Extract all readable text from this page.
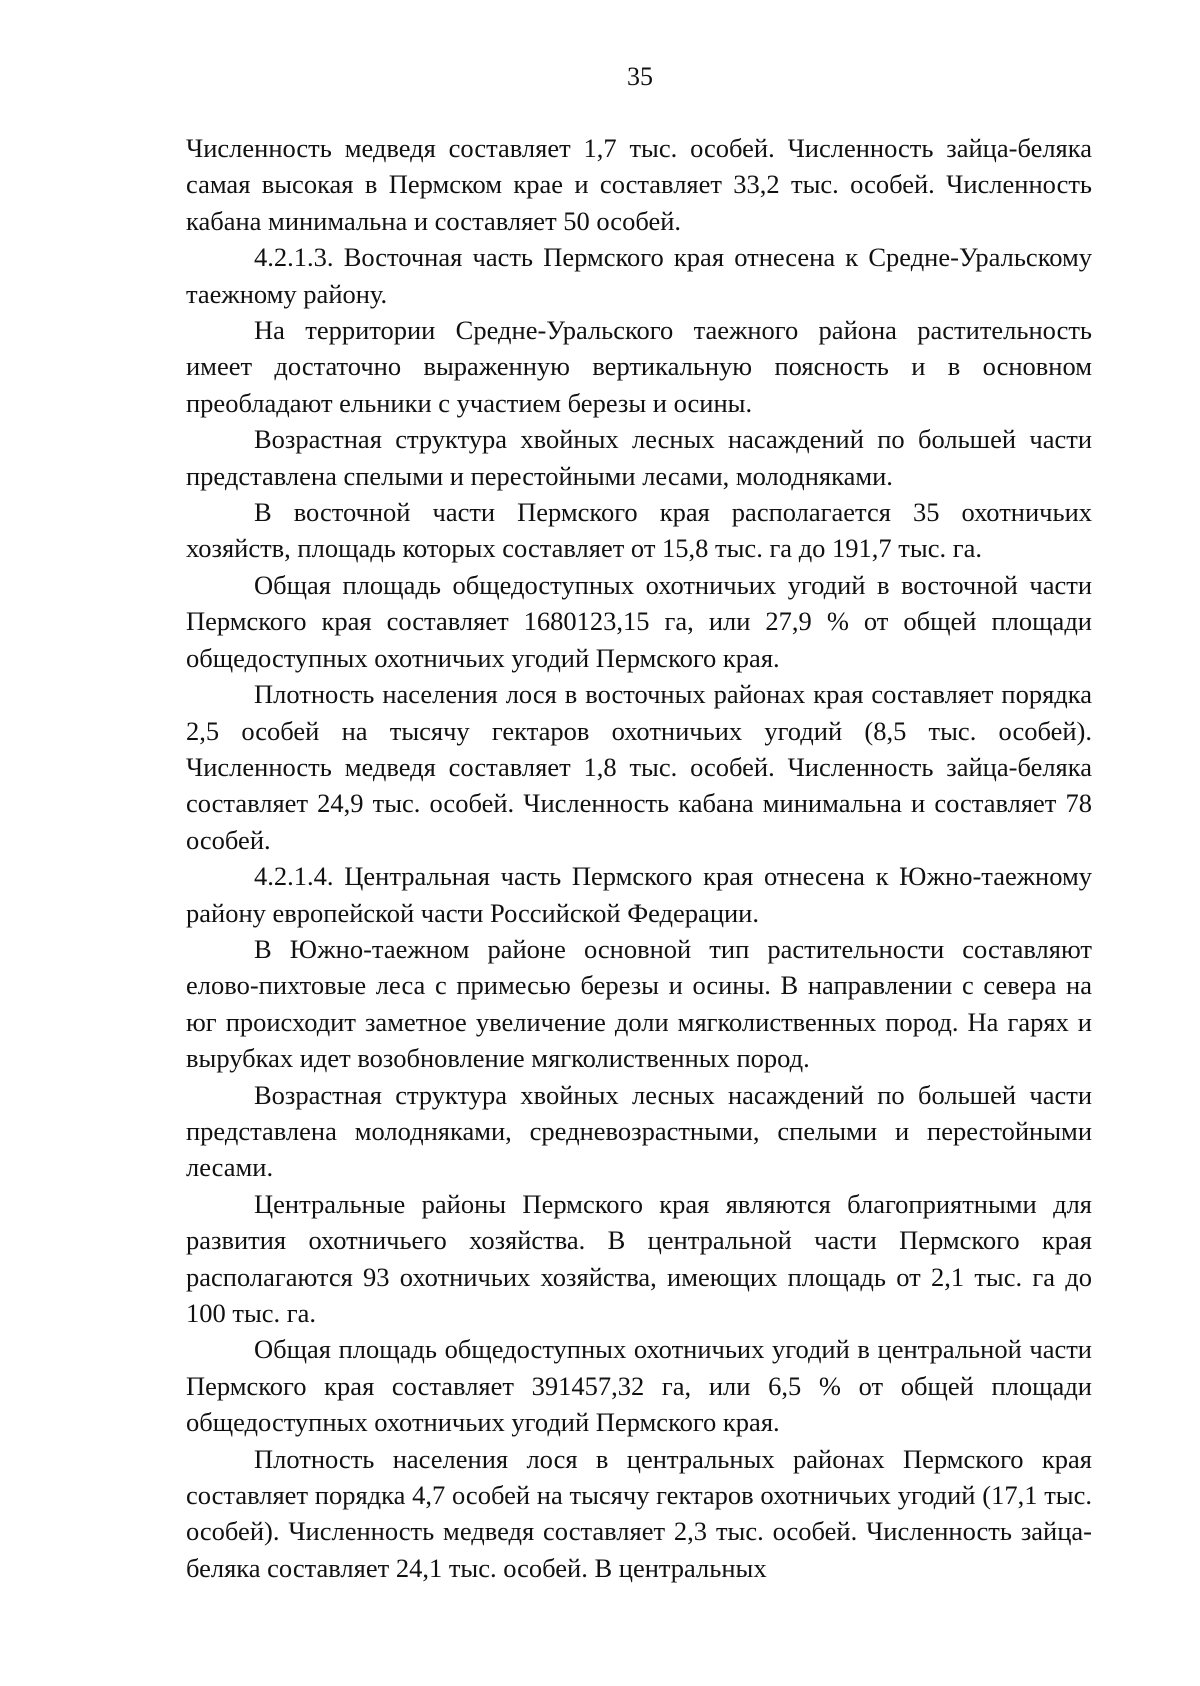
35

Численность медведя составляет 1,7 тыс. особей. Численность зайца-беляка самая высокая в Пермском крае и составляет 33,2 тыс. особей. Численность кабана минимальна и составляет 50 особей.

4.2.1.3. Восточная часть Пермского края отнесена к Средне-Уральскому таежному району.

На территории Средне-Уральского таежного района растительность имеет достаточно выраженную вертикальную поясность и в основном преобладают ельники с участием березы и осины.

Возрастная структура хвойных лесных насаждений по большей части представлена спелыми и перестойными лесами, молодняками.

В восточной части Пермского края располагается 35 охотничьих хозяйств, площадь которых составляет от 15,8 тыс. га до 191,7 тыс. га.

Общая площадь общедоступных охотничьих угодий в восточной части Пермского края составляет 1680123,15 га, или 27,9 % от общей площади общедоступных охотничьих угодий Пермского края.

Плотность населения лося в восточных районах края составляет порядка 2,5 особей на тысячу гектаров охотничьих угодий (8,5 тыс. особей). Численность медведя составляет 1,8 тыс. особей. Численность зайца-беляка составляет 24,9 тыс. особей. Численность кабана минимальна и составляет 78 особей.

4.2.1.4. Центральная часть Пермского края отнесена к Южно-таежному району европейской части Российской Федерации.

В Южно-таежном районе основной тип растительности составляют елово-пихтовые леса с примесью березы и осины. В направлении с севера на юг происходит заметное увеличение доли мягколиственных пород. На гарях и вырубках идет возобновление мягколиственных пород.

Возрастная структура хвойных лесных насаждений по большей части представлена молодняками, средневозрастными, спелыми и перестойными лесами.

Центральные районы Пермского края являются благоприятными для развития охотничьего хозяйства. В центральной части Пермского края располагаются 93 охотничьих хозяйства, имеющих площадь от 2,1 тыс. га до 100 тыс. га.

Общая площадь общедоступных охотничьих угодий в центральной части Пермского края составляет 391457,32 га, или 6,5 % от общей площади общедоступных охотничьих угодий Пермского края.

Плотность населения лося в центральных районах Пермского края составляет порядка 4,7 особей на тысячу гектаров охотничьих угодий (17,1 тыс. особей). Численность медведя составляет 2,3 тыс. особей. Численность зайца-беляка составляет 24,1 тыс. особей. В центральных
